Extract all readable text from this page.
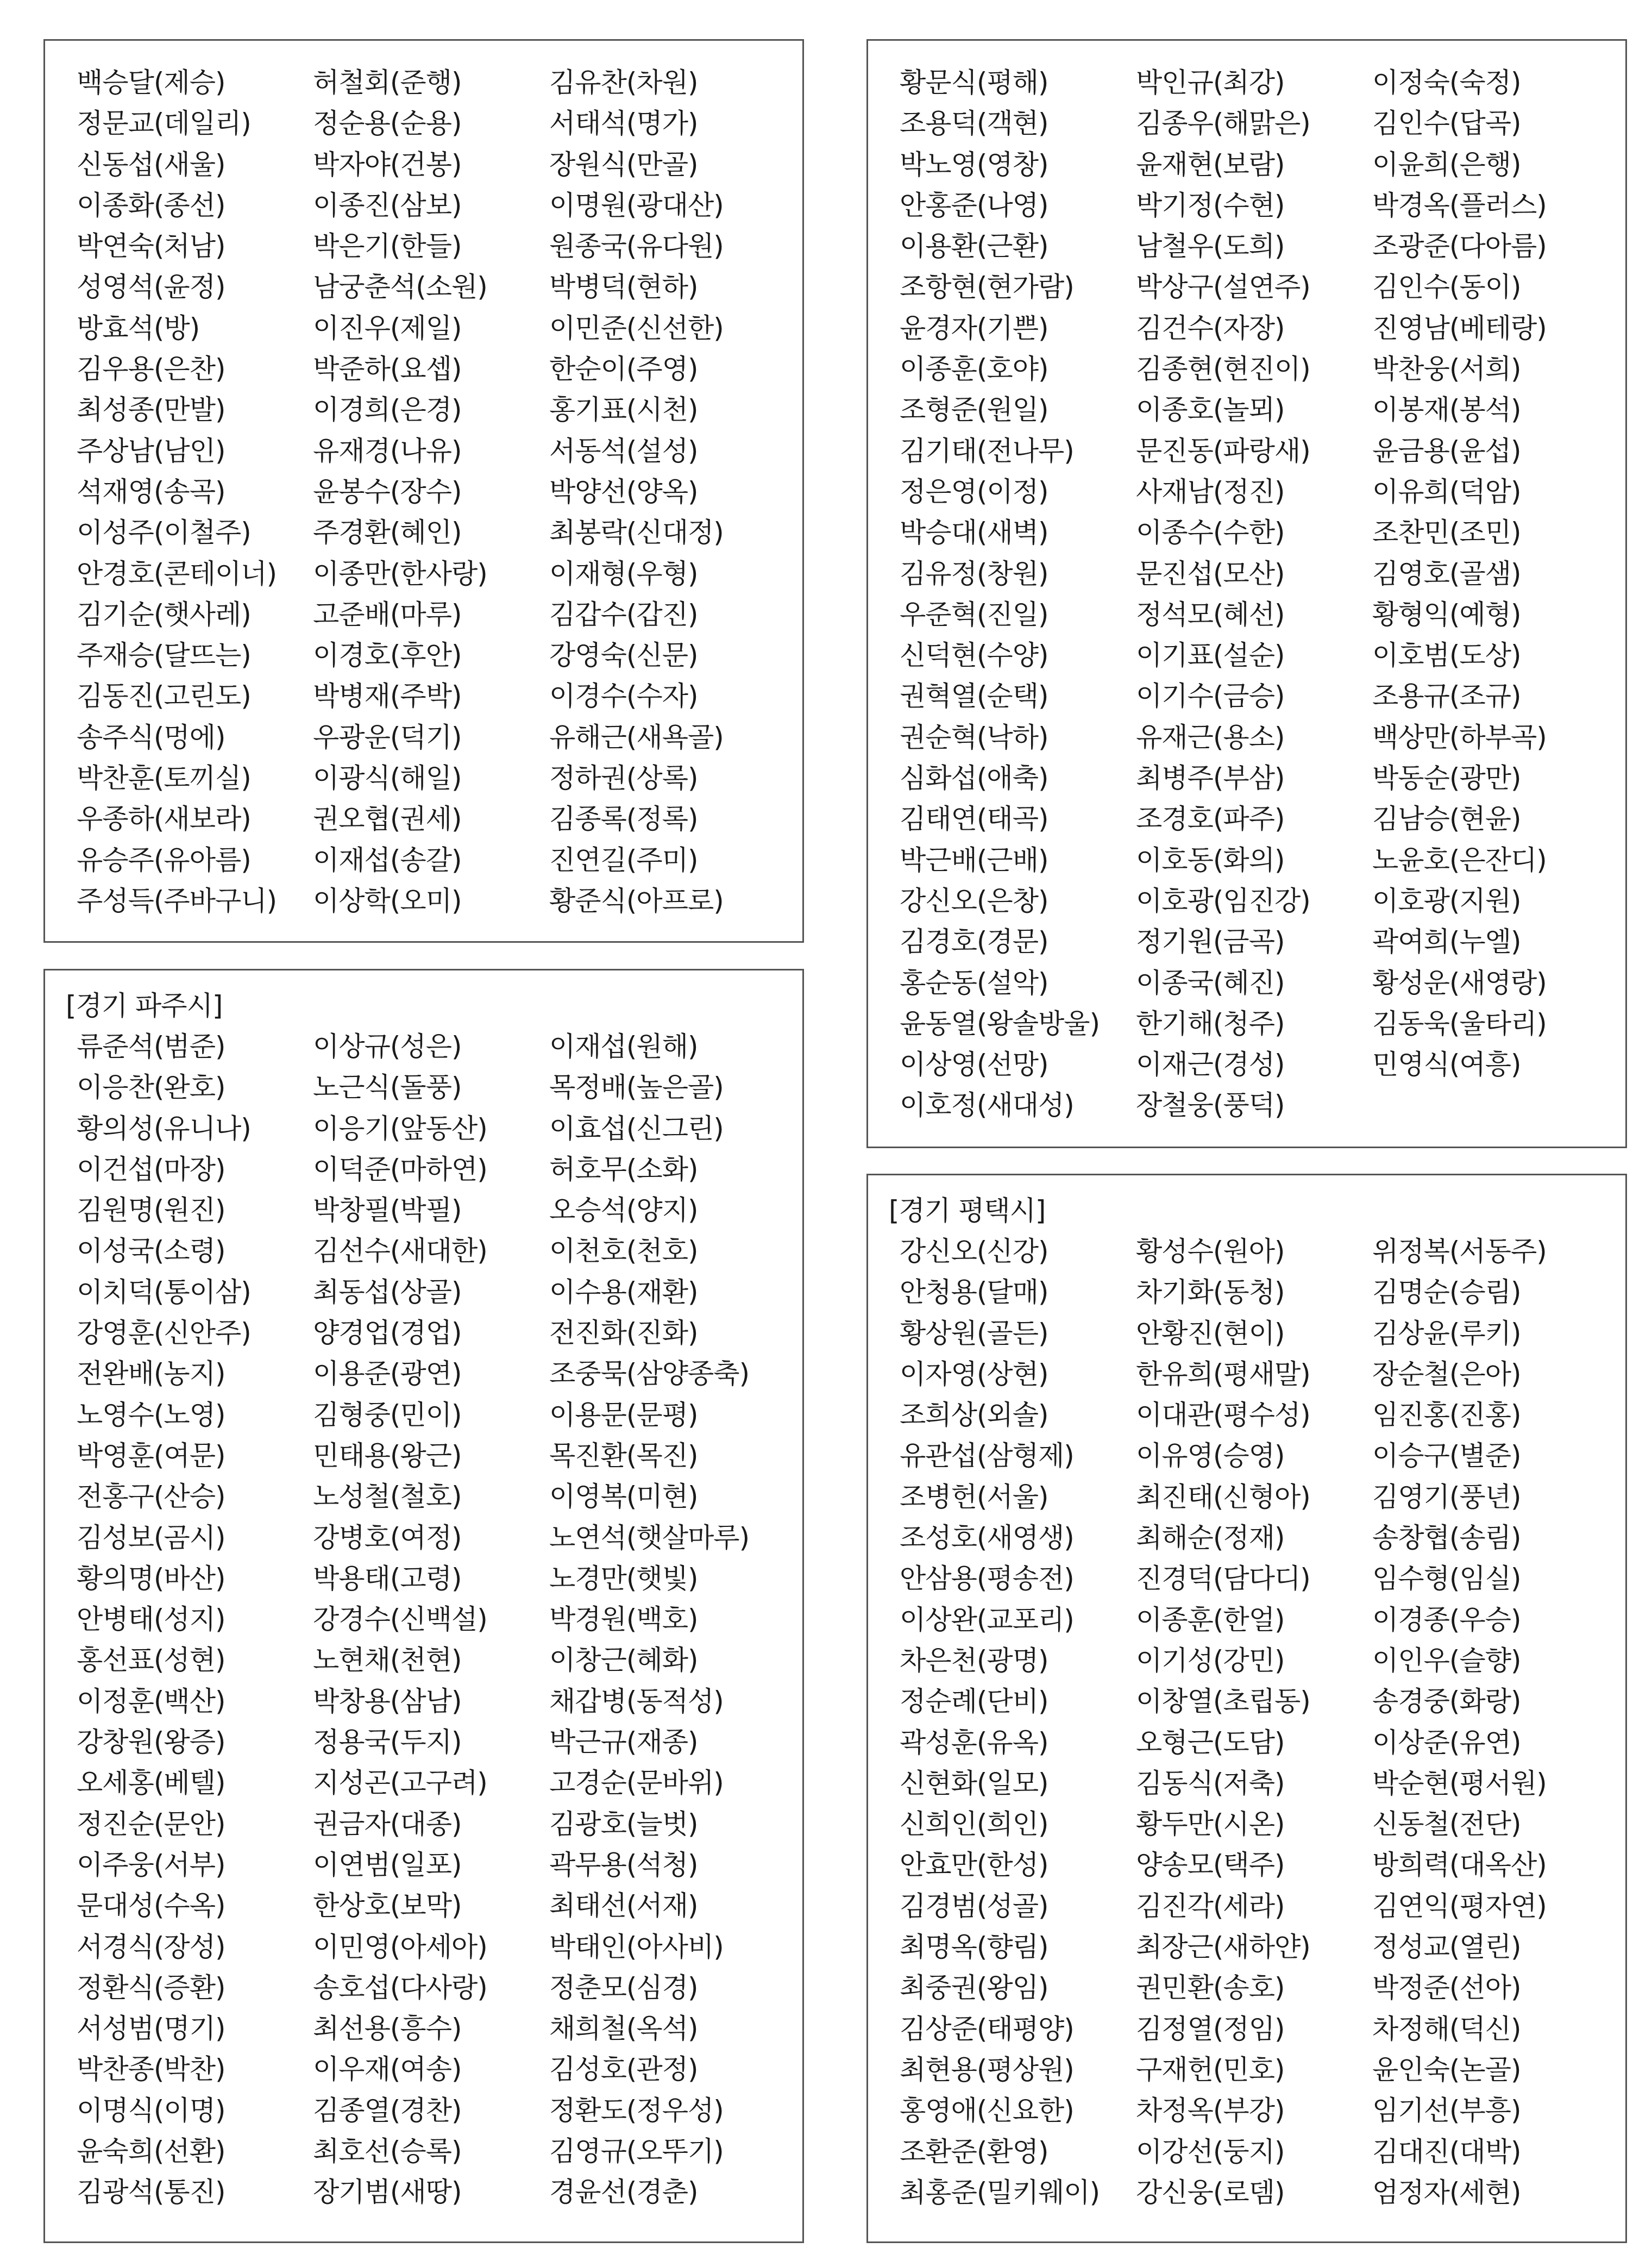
백승달(제승)	허철회(준행)	김유찬(차원)
정문교(데일리)	정순용(순용)	서태석(명가)
신동섭(새울)	박자야(건봉)	장원식(만골)
이종화(종선)	이종진(삼보)	이명원(광대산)
박연숙(처남)	박은기(한들)	원종국(유다원)
성영석(윤정)	남궁춘석(소원)	박병덕(현하)
방효석(방)	이진우(제일)	이민준(신선한)
김우용(은찬)	박준하(요셉)	한순이(주영)
최성종(만발)	이경희(은경)	홍기표(시천)
주상남(남인)	유재경(나유)	서동석(설성)
석재영(송곡)	윤봉수(장수)	박양선(양옥)
이성주(이철주)	주경환(혜인)	최봉락(신대정)
안경호(콘테이너)	이종만(한사랑)	이재형(우형)
김기순(햇사레)	고준배(마루)	김갑수(갑진)
주재승(달뜨는)	이경호(후안)	강영숙(신문)
김동진(고린도)	박병재(주박)	이경수(수자)
송주식(멍에)	우광운(덕기)	유해근(새욕골)
박찬훈(토끼실)	이광식(해일)	정하권(상록)
우종하(새보라)	권오협(권세)	김종록(정록)
유승주(유아름)	이재섭(송갈)	진연길(주미)
주성득(주바구니)	이상학(오미)	황준식(아프로)
[경기 파주시]
류준석(범준)	이상규(성은)	이재섭(원해)
이응찬(완호)	노근식(돌풍)	목정배(높은골)
황의성(유니나)	이응기(앞동산)	이효섭(신그린)
이건섭(마장)	이덕준(마하연)	허호무(소화)
김원명(원진)	박창필(박필)	오승석(양지)
이성국(소령)	김선수(새대한)	이천호(천호)
이치덕(통이삼)	최동섭(상골)	이수용(재환)
강영훈(신안주)	양경업(경업)	전진화(진화)
전완배(농지)	이용준(광연)	조중묵(삼양종축)
노영수(노영)	김형중(민이)	이용문(문평)
박영훈(여문)	민태용(왕근)	목진환(목진)
전홍구(산승)	노성철(철호)	이영복(미현)
김성보(곰시)	강병호(여정)	노연석(햇살마루)
황의명(바산)	박용태(고령)	노경만(햇빛)
안병태(성지)	강경수(신백설)	박경원(백호)
홍선표(성현)	노현채(천현)	이창근(혜화)
이정훈(백산)	박창용(삼남)	채갑병(동적성)
강창원(왕증)	정용국(두지)	박근규(재종)
오세홍(베텔)	지성곤(고구려)	고경순(문바위)
정진순(문안)	권금자(대종)	김광호(늘벗)
이주웅(서부)	이연범(일포)	곽무용(석청)
문대성(수옥)	한상호(보막)	최태선(서재)
서경식(장성)	이민영(아세아)	박태인(아사비)
정환식(증환)	송호섭(다사랑)	정춘모(심경)
서성범(명기)	최선용(흥수)	채희철(옥석)
박찬종(박찬)	이우재(여송)	김성호(관정)
이명식(이명)	김종열(경찬)	정환도(정우성)
윤숙희(선환)	최호선(승록)	김영규(오뚜기)
김광석(통진)	장기범(새땅)	경윤선(경춘)
황문식(평해)	박인규(최강)	이정숙(숙정)
조용덕(객현)	김종우(해맑은)	김인수(답곡)
박노영(영창)	윤재현(보람)	이윤희(은행)
안홍준(나영)	박기정(수현)	박경옥(플러스)
이용환(근환)	남철우(도희)	조광준(다아름)
조항현(현가람)	박상구(설연주)	김인수(동이)
윤경자(기쁜)	김건수(자장)	진영남(베테랑)
이종훈(호야)	김종현(현진이)	박찬웅(서희)
조형준(원일)	이종호(놀뫼)	이봉재(봉석)
김기태(전나무)	문진동(파랑새)	윤금용(윤섭)
정은영(이정)	사재남(정진)	이유희(덕암)
박승대(새벽)	이종수(수한)	조찬민(조민)
김유정(창원)	문진섭(모산)	김영호(골샘)
우준혁(진일)	정석모(혜선)	황형익(예형)
신덕현(수양)	이기표(설순)	이호범(도상)
권혁열(순택)	이기수(금승)	조용규(조규)
권순혁(낙하)	유재근(용소)	백상만(하부곡)
심화섭(애축)	최병주(부삼)	박동순(광만)
김태연(태곡)	조경호(파주)	김남승(현윤)
박근배(근배)	이호동(화의)	노윤호(은잔디)
강신오(은창)	이호광(임진강)	이호광(지원)
김경호(경문)	정기원(금곡)	곽여희(누엘)
홍순동(설악)	이종국(혜진)	황성운(새영랑)
윤동열(왕솔방울)	한기해(청주)	김동욱(울타리)
이상영(선망)	이재근(경성)	민영식(여흥)
이호정(새대성)	장철웅(풍덕)
[경기 평택시]
강신오(신강)	황성수(원아)	위정복(서동주)
안청용(달매)	차기화(동청)	김명순(승림)
황상원(골든)	안황진(현이)	김상윤(루키)
이자영(상현)	한유희(평새말)	장순철(은아)
조희상(외솔)	이대관(평수성)	임진홍(진홍)
유관섭(삼형제)	이유영(승영)	이승구(별준)
조병헌(서울)	최진태(신형아)	김영기(풍년)
조성호(새영생)	최해순(정재)	송창협(송림)
안삼용(평송전)	진경덕(담다디)	임수형(임실)
이상완(교포리)	이종훈(한얼)	이경종(우승)
차은천(광명)	이기성(강민)	이인우(슬향)
정순례(단비)	이창열(초립동)	송경중(화랑)
곽성훈(유옥)	오형근(도담)	이상준(유연)
신현화(일모)	김동식(저축)	박순현(평서원)
신희인(희인)	황두만(시온)	신동철(전단)
안효만(한성)	양송모(택주)	방희력(대옥산)
김경범(성골)	김진각(세라)	김연익(평자연)
최명옥(향림)	최장근(새하얀)	정성교(열린)
최중권(왕임)	권민환(송호)	박정준(선아)
김상준(태평양)	김정열(정임)	차정해(덕신)
최현용(평상원)	구재헌(민호)	윤인숙(논골)
홍영애(신요한)	차정옥(부강)	임기선(부흥)
조환준(환영)	이강선(둥지)	김대진(대박)
최홍준(밀키웨이)	강신웅(로뎀)	엄정자(세현)
